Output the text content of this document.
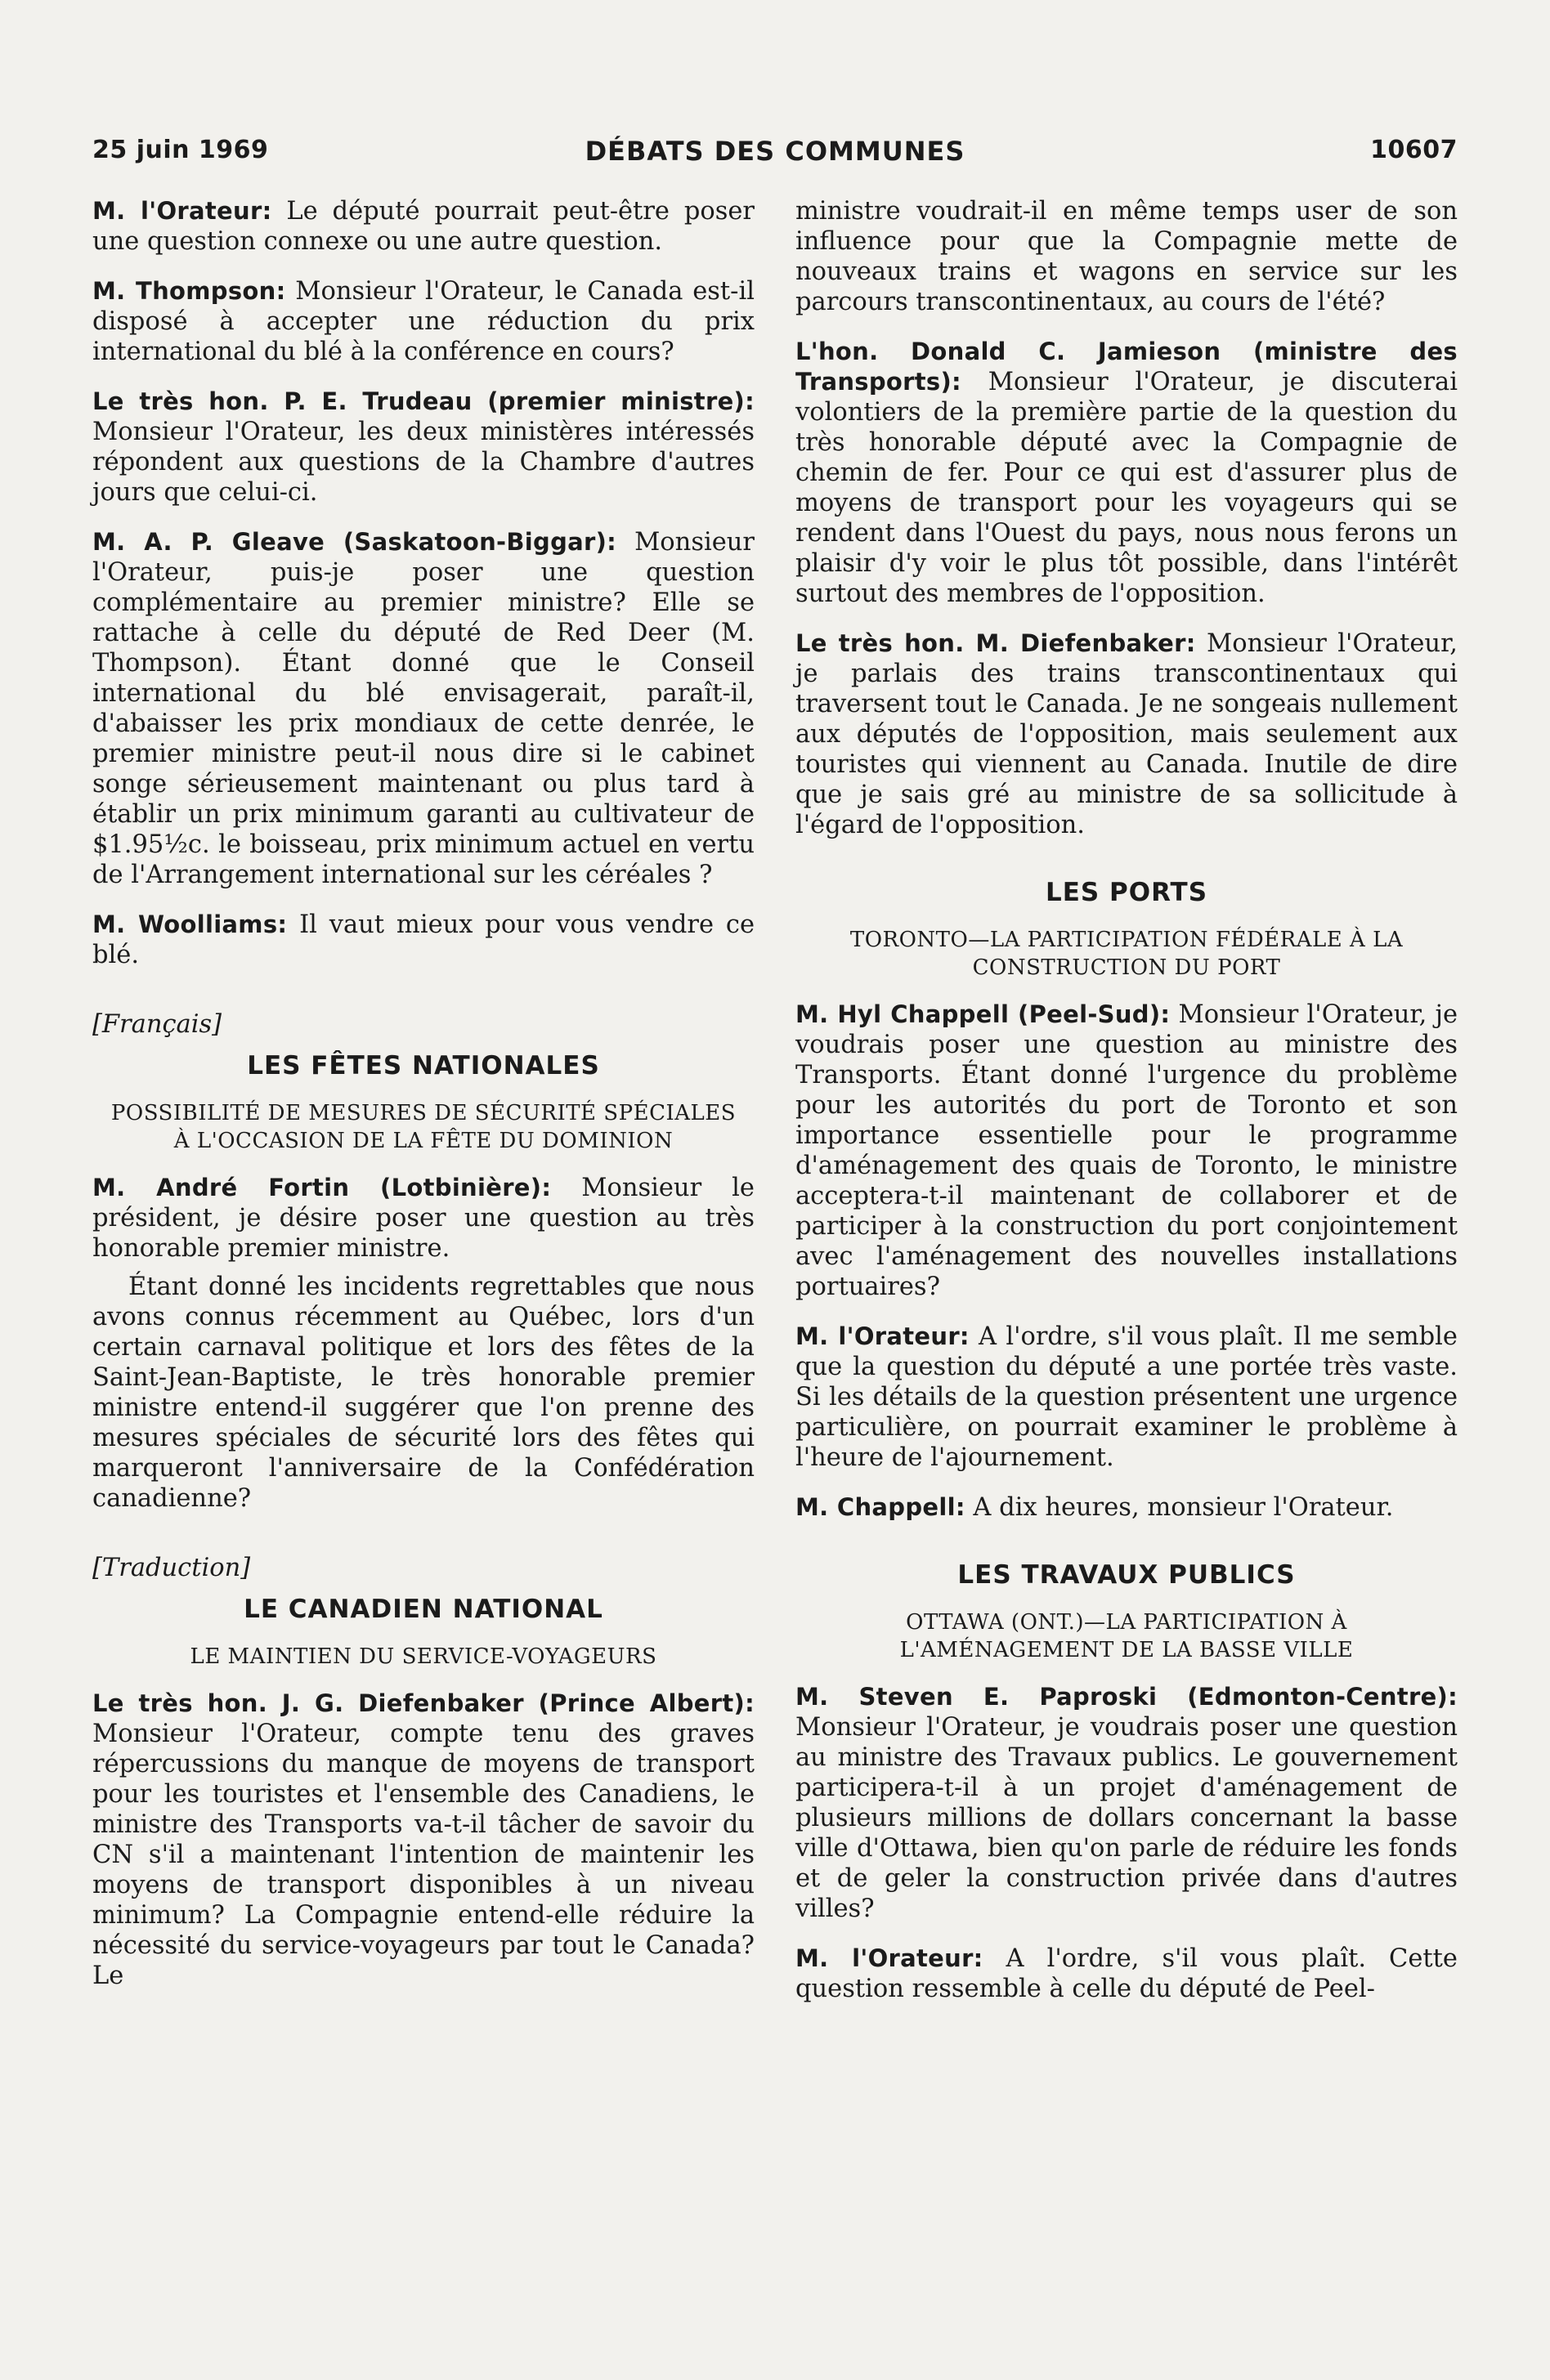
25 juin 1969	DÉBATS DES COMMUNES	10607

M. l'Orateur: Le député pourrait peut-être poser une question connexe ou une autre question.

M. Thompson: Monsieur l'Orateur, le Canada est-il disposé à accepter une réduction du prix international du blé à la conférence en cours?

Le très hon. P. E. Trudeau (premier ministre): Monsieur l'Orateur, les deux ministères intéressés répondent aux questions de la Chambre d'autres jours que celui-ci.

M. A. P. Gleave (Saskatoon-Biggar): Monsieur l'Orateur, puis-je poser une question complémentaire au premier ministre? Elle se rattache à celle du député de Red Deer (M. Thompson). Étant donné que le Conseil international du blé envisagerait, paraît-il, d'abaisser les prix mondiaux de cette denrée, le premier ministre peut-il nous dire si le cabinet songe sérieusement maintenant ou plus tard à établir un prix minimum garanti au cultivateur de $1.95½c. le boisseau, prix minimum actuel en vertu de l'Arrangement international sur les céréales ?

M. Woolliams: Il vaut mieux pour vous vendre ce blé.

[Français]

LES FÊTES NATIONALES

POSSIBILITÉ DE MESURES DE SÉCURITÉ SPÉCIALES À L'OCCASION DE LA FÊTE DU DOMINION

M. André Fortin (Lotbinière): Monsieur le président, je désire poser une question au très honorable premier ministre.

Étant donné les incidents regrettables que nous avons connus récemment au Québec, lors d'un certain carnaval politique et lors des fêtes de la Saint-Jean-Baptiste, le très honorable premier ministre entend-il suggérer que l'on prenne des mesures spéciales de sécurité lors des fêtes qui marqueront l'anniversaire de la Confédération canadienne?

[Traduction]

LE CANADIEN NATIONAL

LE MAINTIEN DU SERVICE-VOYAGEURS

Le très hon. J. G. Diefenbaker (Prince Albert): Monsieur l'Orateur, compte tenu des graves répercussions du manque de moyens de transport pour les touristes et l'ensemble des Canadiens, le ministre des Transports va-t-il tâcher de savoir du CN s'il a maintenant l'intention de maintenir les moyens de transport disponibles à un niveau minimum? La Compagnie entend-elle réduire la nécessité du service-voyageurs par tout le Canada? Le

ministre voudrait-il en même temps user de son influence pour que la Compagnie mette de nouveaux trains et wagons en service sur les parcours transcontinentaux, au cours de l'été?

L'hon. Donald C. Jamieson (ministre des Transports): Monsieur l'Orateur, je discuterai volontiers de la première partie de la question du très honorable député avec la Compagnie de chemin de fer. Pour ce qui est d'assurer plus de moyens de transport pour les voyageurs qui se rendent dans l'Ouest du pays, nous nous ferons un plaisir d'y voir le plus tôt possible, dans l'intérêt surtout des membres de l'opposition.

Le très hon. M. Diefenbaker: Monsieur l'Orateur, je parlais des trains transcontinentaux qui traversent tout le Canada. Je ne songeais nullement aux députés de l'opposition, mais seulement aux touristes qui viennent au Canada. Inutile de dire que je sais gré au ministre de sa sollicitude à l'égard de l'opposition.

LES PORTS

TORONTO—LA PARTICIPATION FÉDÉRALE À LA CONSTRUCTION DU PORT

M. Hyl Chappell (Peel-Sud): Monsieur l'Orateur, je voudrais poser une question au ministre des Transports. Étant donné l'urgence du problème pour les autorités du port de Toronto et son importance essentielle pour le programme d'aménagement des quais de Toronto, le ministre acceptera-t-il maintenant de collaborer et de participer à la construction du port conjointement avec l'aménagement des nouvelles installations portuaires?

M. l'Orateur: A l'ordre, s'il vous plaît. Il me semble que la question du député a une portée très vaste. Si les détails de la question présentent une urgence particulière, on pourrait examiner le problème à l'heure de l'ajournement.

M. Chappell: A dix heures, monsieur l'Orateur.

LES TRAVAUX PUBLICS

OTTAWA (ONT.)—LA PARTICIPATION À L'AMÉNAGEMENT DE LA BASSE VILLE

M. Steven E. Paproski (Edmonton-Centre): Monsieur l'Orateur, je voudrais poser une question au ministre des Travaux publics. Le gouvernement participera-t-il à un projet d'aménagement de plusieurs millions de dollars concernant la basse ville d'Ottawa, bien qu'on parle de réduire les fonds et de geler la construction privée dans d'autres villes?

M. l'Orateur: A l'ordre, s'il vous plaît. Cette question ressemble à celle du député de Peel-
